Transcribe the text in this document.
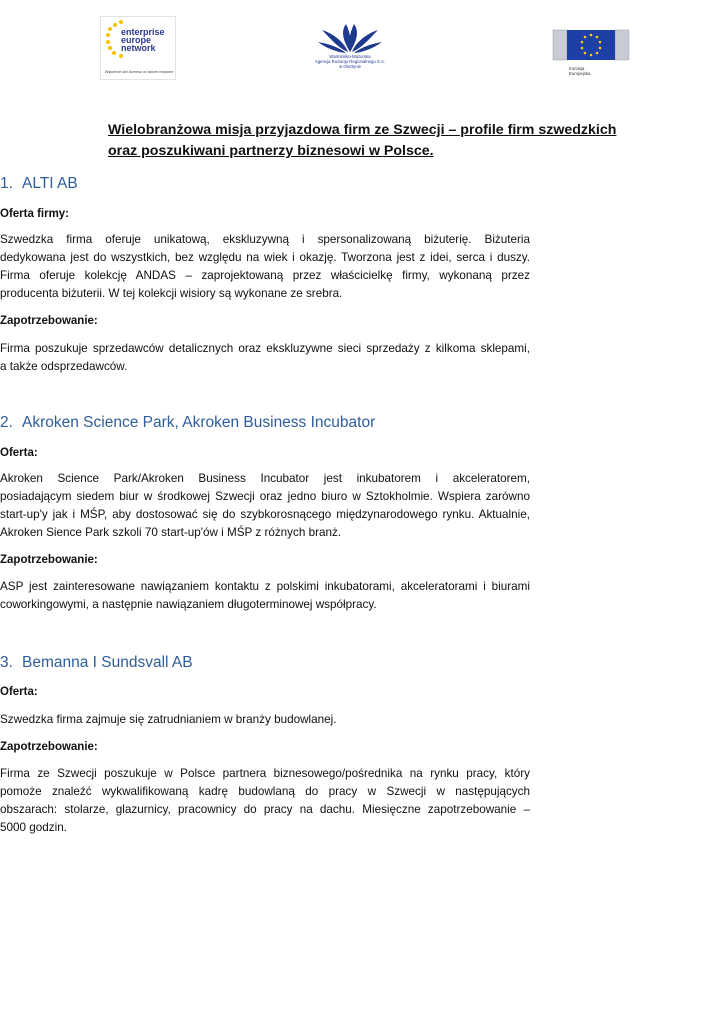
enterprise
europe
network
Wsparcie dla biznesu w twoim regionie
Warmińsko-Mazurska
Agencja Rozwoju Regionalnego S.A.
w Olsztynie	Komisja
Europejska

Wielobranżowa misja przyjazdowa firm ze Szwecji – profile firm szwedzkich

oraz poszukiwani partnerzy biznesowi w Polsce.

1. ALTI AB

Oferta firmy:

Szwedzka firma oferuje unikatową, ekskluzywną i spersonalizowaną biżuterię. Biżuteria

dedykowana jest do wszystkich, bez względu na wiek i okazję. Tworzona jest z idei, serca i duszy.

Firma oferuje kolekcję ANDAS – zaprojektowaną przez właścicielkę firmy, wykonaną przez

producenta biżuterii. W tej kolekcji wisiory są wykonane ze srebra.

Zapotrzebowanie:

Firma poszukuje sprzedawców detalicznych oraz ekskluzywne sieci sprzedaży z kilkoma sklepami,

a także odsprzedawców.

2. Akroken Science Park, Akroken Business Incubator

Oferta:

Akroken Science Park/Akroken Business Incubator jest inkubatorem i akceleratorem,

posiadającym siedem biur w środkowej Szwecji oraz jedno biuro w Sztokholmie. Wspiera zarówno

start-up'y jak i MŚP, aby dostosować się do szybkorosnącego międzynarodowego rynku. Aktualnie,

Akroken Sience Park szkoli 70 start-up'ów i MŚP z różnych branż.

Zapotrzebowanie:

ASP jest zainteresowane nawiązaniem kontaktu z polskimi inkubatorami, akceleratorami i biurami

coworkingowymi, a następnie nawiązaniem długoterminowej współpracy.

3. Bemanna I Sundsvall AB

Oferta:

Szwedzka firma zajmuje się zatrudnianiem w branży budowlanej.

Zapotrzebowanie:

Firma ze Szwecji poszukuje w Polsce partnera biznesowego/pośrednika na rynku pracy, który

pomoże znaleźć wykwalifikowaną kadrę budowlaną do pracy w Szwecji w następujących

obszarach: stolarze, glazurnicy, pracownicy do pracy na dachu. Miesięczne zapotrzebowanie –

5000 godzin.
